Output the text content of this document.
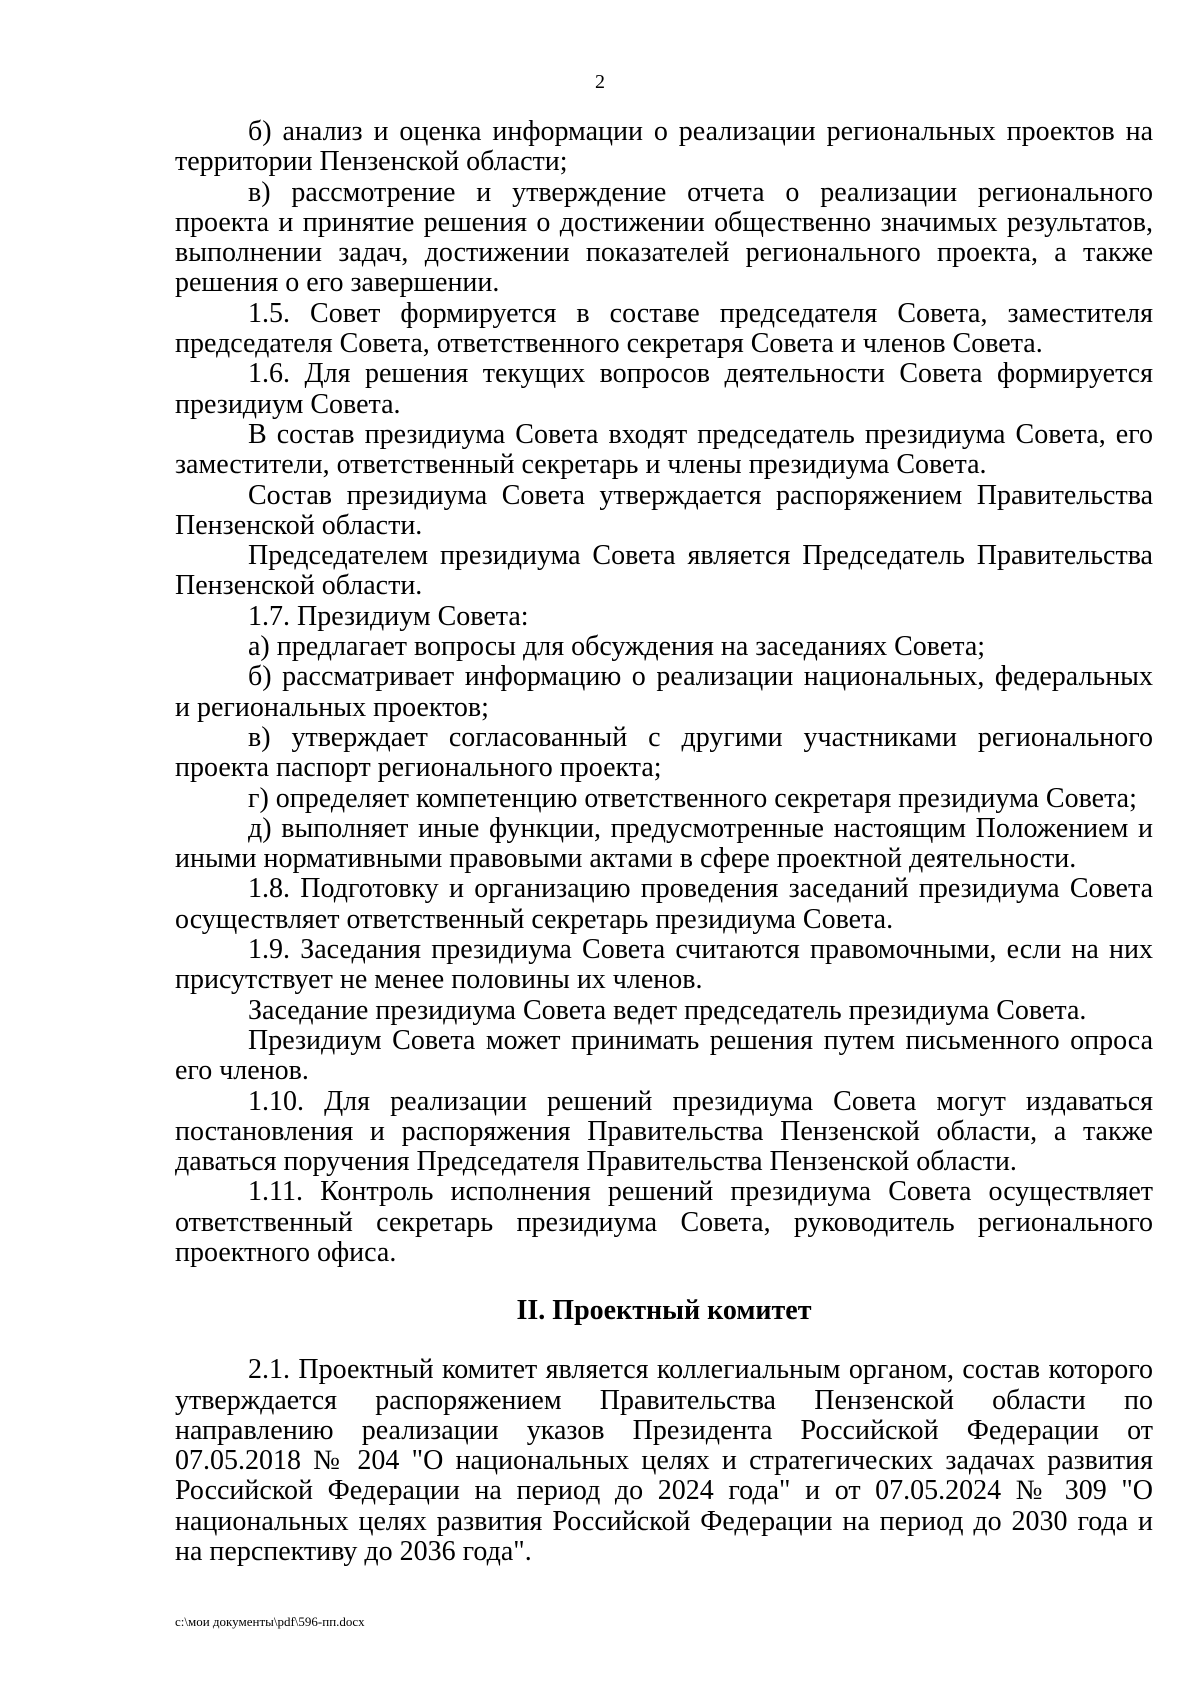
2

б) анализ и оценка информации о реализации региональных проектов на территории Пензенской области;

в) рассмотрение и утверждение отчета о реализации регионального проекта и принятие решения о достижении общественно значимых результатов, выполнении задач, достижении показателей регионального проекта, а также решения о его завершении.

1.5. Совет формируется в составе председателя Совета, заместителя председателя Совета, ответственного секретаря Совета и членов Совета.

1.6. Для решения текущих вопросов деятельности Совета формируется президиум Совета.

В состав президиума Совета входят председатель президиума Совета, его заместители, ответственный секретарь и члены президиума Совета.

Состав президиума Совета утверждается распоряжением Правительства Пензенской области.

Председателем президиума Совета является Председатель Правительства Пензенской области.

1.7. Президиум Совета:

а) предлагает вопросы для обсуждения на заседаниях Совета;

б) рассматривает информацию о реализации национальных, федеральных и региональных проектов;

в) утверждает согласованный с другими участниками регионального проекта паспорт регионального проекта;

г) определяет компетенцию ответственного секретаря президиума Совета;

д) выполняет иные функции, предусмотренные настоящим Положением и иными нормативными правовыми актами в сфере проектной деятельности.

1.8. Подготовку и организацию проведения заседаний президиума Совета осуществляет ответственный секретарь президиума Совета.

1.9. Заседания президиума Совета считаются правомочными, если на них присутствует не менее половины их членов.

Заседание президиума Совета ведет председатель президиума Совета.

Президиум Совета может принимать решения путем письменного опроса его членов.

1.10. Для реализации решений президиума Совета могут издаваться постановления и распоряжения Правительства Пензенской области, а также даваться поручения Председателя Правительства Пензенской области.

1.11. Контроль исполнения решений президиума Совета осуществляет ответственный секретарь президиума Совета, руководитель регионального проектного офиса.

II. Проектный комитет

2.1. Проектный комитет является коллегиальным органом, состав которого утверждается распоряжением Правительства Пензенской области по направлению реализации указов Президента Российской Федерации от 07.05.2018 № 204 "О национальных целях и стратегических задачах развития Российской Федерации на период до 2024 года" и от 07.05.2024 № 309 "О национальных целях развития Российской Федерации на период до 2030 года и на перспективу до 2036 года".

c:\мои документы\pdf\596-пп.docx
